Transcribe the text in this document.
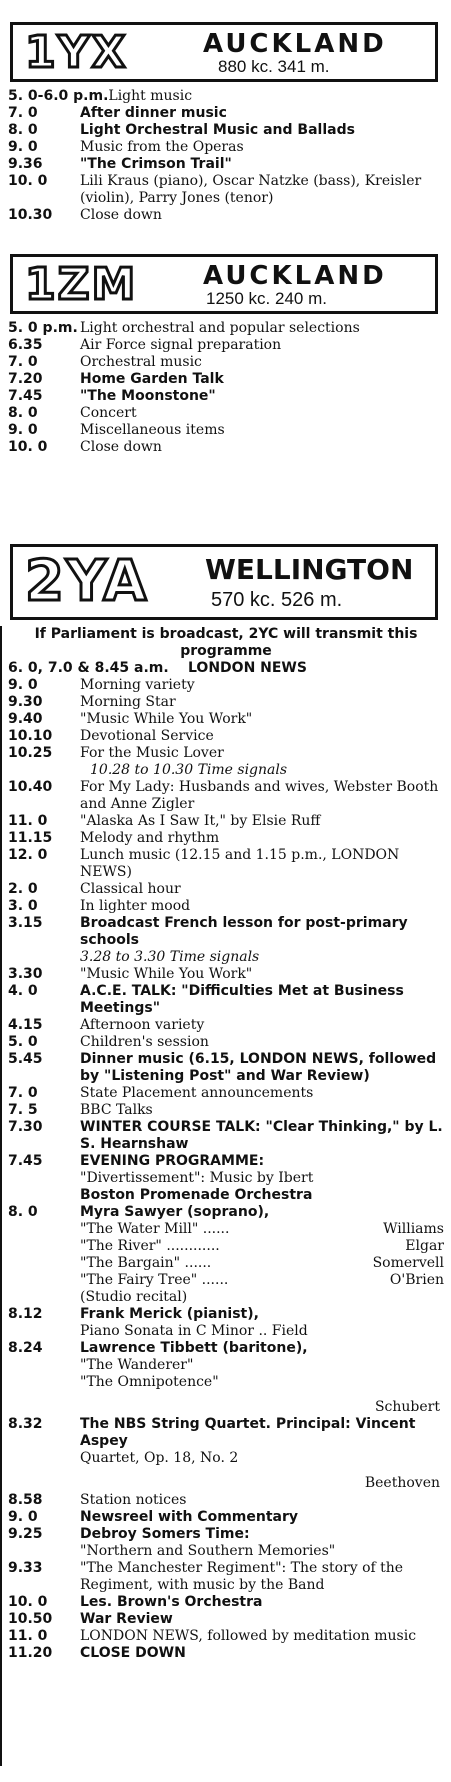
1YX	AUCKLAND
880 kc. 341 m.
5. 0-6.0 p.m. Light music
7. 0	After dinner music
8. 0	Light Orchestral Music and Ballads
9. 0	Music from the Operas
9.36	"The Crimson Trail"
10. 0	Lili Kraus (piano), Oscar Natzke (bass), Kreisler (violin), Parry Jones (tenor)
10.30	Close down
1ZM	AUCKLAND
1250 kc. 240 m.
5. 0 p.m. Light orchestral and popular selections
6.35	Air Force signal preparation
7. 0	Orchestral music
7.20	Home Garden Talk
7.45	"The Moonstone"
8. 0	Concert
9. 0	Miscellaneous items
10. 0	Close down
2YA WELLINGTON
570 kc. 526 m.
If Parliament is broadcast, 2YC will transmit this programme
6. 0, 7.0 & 8.45 a.m.	LONDON NEWS
9. 0	Morning variety
9.30	Morning Star
9.40	"Music While You Work"
10.10	Devotional Service
10.25	For the Music Lover
10.28 to 10.30 Time signals
10.40	For My Lady: Husbands and wives, Webster Booth and Anne Zigler
11. 0	"Alaska As I Saw It," by Elsie Ruff
11.15	Melody and rhythm
12. 0	Lunch music (12.15 and 1.15 p.m., LONDON NEWS)
2. 0	Classical hour
3. 0	In lighter mood
3.15	Broadcast French lesson for post-primary schools
3.28 to 3.30 Time signals
3.30	"Music While You Work"
4. 0	A.C.E. TALK: "Difficulties Met at Business Meetings"
4.15	Afternoon variety
5. 0	Children's session
5.45	Dinner music (6.15, LONDON NEWS, followed by "Listening Post" and War Review)
7. 0	State Placement announcements
7. 5	BBC Talks
7.30	WINTER COURSE TALK: "Clear Thinking," by L. S. Hearnshaw
7.45	EVENING PROGRAMME:
"Divertissement": Music by Ibert
Boston Promenade Orchestra
8. 0	Myra Sawyer (soprano),
"The Water Mill" ......	Williams
"The River" ............	Elgar
"The Bargain" ......	Somervell
"The Fairy Tree" ......	O'Brien
(Studio recital)
8.12	Frank Merick (pianist),
Piano Sonata in C Minor .. Field
8.24	Lawrence Tibbett (baritone),
"The Wanderer"
"The Omnipotence"
Schubert
8.32	The NBS String Quartet. Principal: Vincent Aspey
Quartet, Op. 18, No. 2
Beethoven
8.58	Station notices
9. 0	Newsreel with Commentary
9.25	Debroy Somers Time:
"Northern and Southern Memories"
9.33	"The Manchester Regiment": The story of the Regiment, with music by the Band
10. 0	Les. Brown's Orchestra
10.50	War Review
11. 0	LONDON NEWS, followed by meditation music
11.20	CLOSE DOWN
